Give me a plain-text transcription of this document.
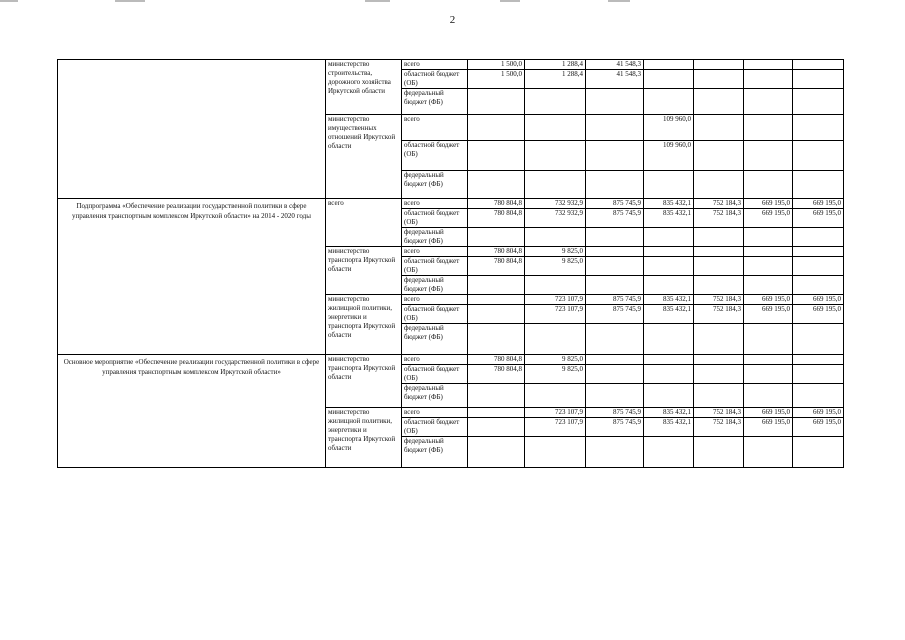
2
	министерство строительства, дорожного хозяйства Иркутской области	всего	1 500,0	1 288,4	41 548,3				
		областной бюджет (ОБ)	1 500,0	1 288,4	41 548,3				
		федеральный бюджет (ФБ)							
	министерство имущественных отношений Иркутской области	всего				109 960,0			
		областной бюджет (ОБ)				109 960,0			
		федеральный бюджет (ФБ)							
Подпрограмма «Обеспечение реализации государственной политики в сфере управления транспортным комплексом Иркутской области» на 2014 - 2020 годы	всего	всего	780 804,8	732 932,9	875 745,9	835 432,1	752 184,3	669 195,0	669 195,0
		областной бюджет (ОБ)	780 804,8	732 932,9	875 745,9	835 432,1	752 184,3	669 195,0	669 195,0
		федеральный бюджет (ФБ)							
	министерство транспорта Иркутской области	всего	780 804,8	9 825,0					
		областной бюджет (ОБ)	780 804,8	9 825,0					
		федеральный бюджет (ФБ)							
	министерство жилищной политики, энергетики и транспорта Иркутской области	всего		723 107,9	875 745,9	835 432,1	752 184,3	669 195,0	669 195,0
		областной бюджет (ОБ)		723 107,9	875 745,9	835 432,1	752 184,3	669 195,0	669 195,0
		федеральный бюджет (ФБ)							
Основное мероприятие «Обеспечение реализации государственной политики в сфере управления транспортным комплексом Иркутской области»	министерство транспорта Иркутской области	всего	780 804,8	9 825,0					
		областной бюджет (ОБ)	780 804,8	9 825,0					
		федеральный бюджет (ФБ)							
	министерство жилищной политики, энергетики и транспорта Иркутской области	всего		723 107,9	875 745,9	835 432,1	752 184,3	669 195,0	669 195,0
		областной бюджет (ОБ)		723 107,9	875 745,9	835 432,1	752 184,3	669 195,0	669 195,0
		федеральный бюджет (ФБ)							
